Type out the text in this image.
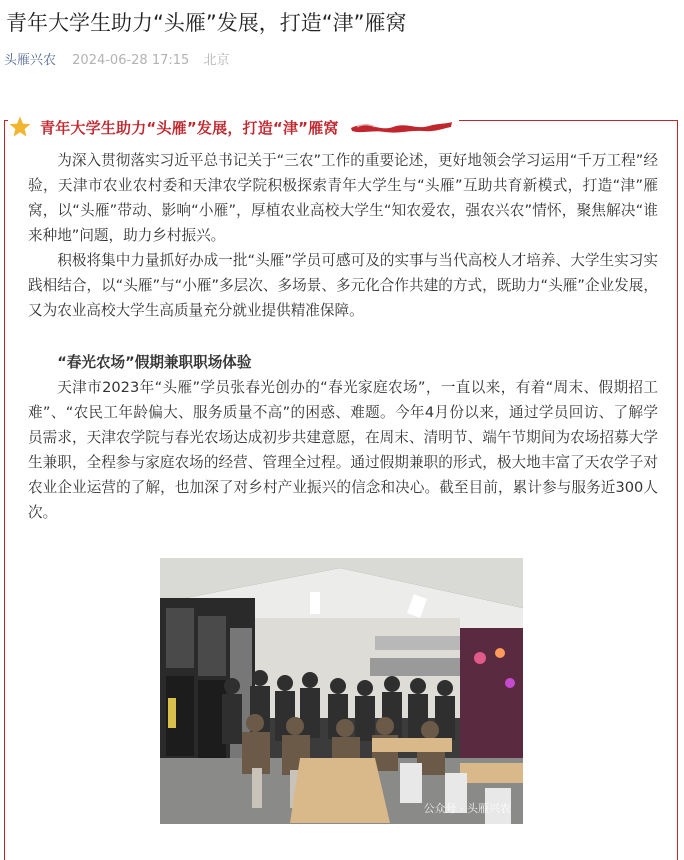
青年大学生助力“头雁”发展，打造“津”雁窝
头雁兴农 2024-06-28 17:15 北京
青年大学生助力“头雁”发展，打造“津”雁窝

为深入贯彻落实习近平总书记关于“三农”工作的重要论述，更好地领会学习运用“千万工程”经验，天津市农业农村委和天津农学院积极探索青年大学生与“头雁”互助共育新模式，打造“津”雁窝，以“头雁”带动、影响“小雁”，厚植农业高校大学生“知农爱农，强农兴农”情怀，聚焦解决“谁来种地”问题，助力乡村振兴。

积极将集中力量抓好办成一批“头雁”学员可感可及的实事与当代高校人才培养、大学生实习实践相结合，以“头雁”与“小雁”多层次、多场景、多元化合作共建的方式，既助力“头雁”企业发展，又为农业高校大学生高质量充分就业提供精准保障。

“春光农场”假期兼职职场体验

天津市2023年“头雁”学员张春光创办的“春光家庭农场”，一直以来，有着“周末、假期招工难”、“农民工年龄偏大、服务质量不高”的困惑、难题。今年4月份以来，通过学员回访、了解学员需求，天津农学院与春光农场达成初步共建意愿，在周末、清明节、端午节期间为农场招募大学生兼职，全程参与家庭农场的经营、管理全过程。通过假期兼职的形式，极大地丰富了天农学子对农业企业运营的了解，也加深了对乡村产业振兴的信念和决心。截至目前，累计参与服务近300人次。

公众号 · 头雁兴农
